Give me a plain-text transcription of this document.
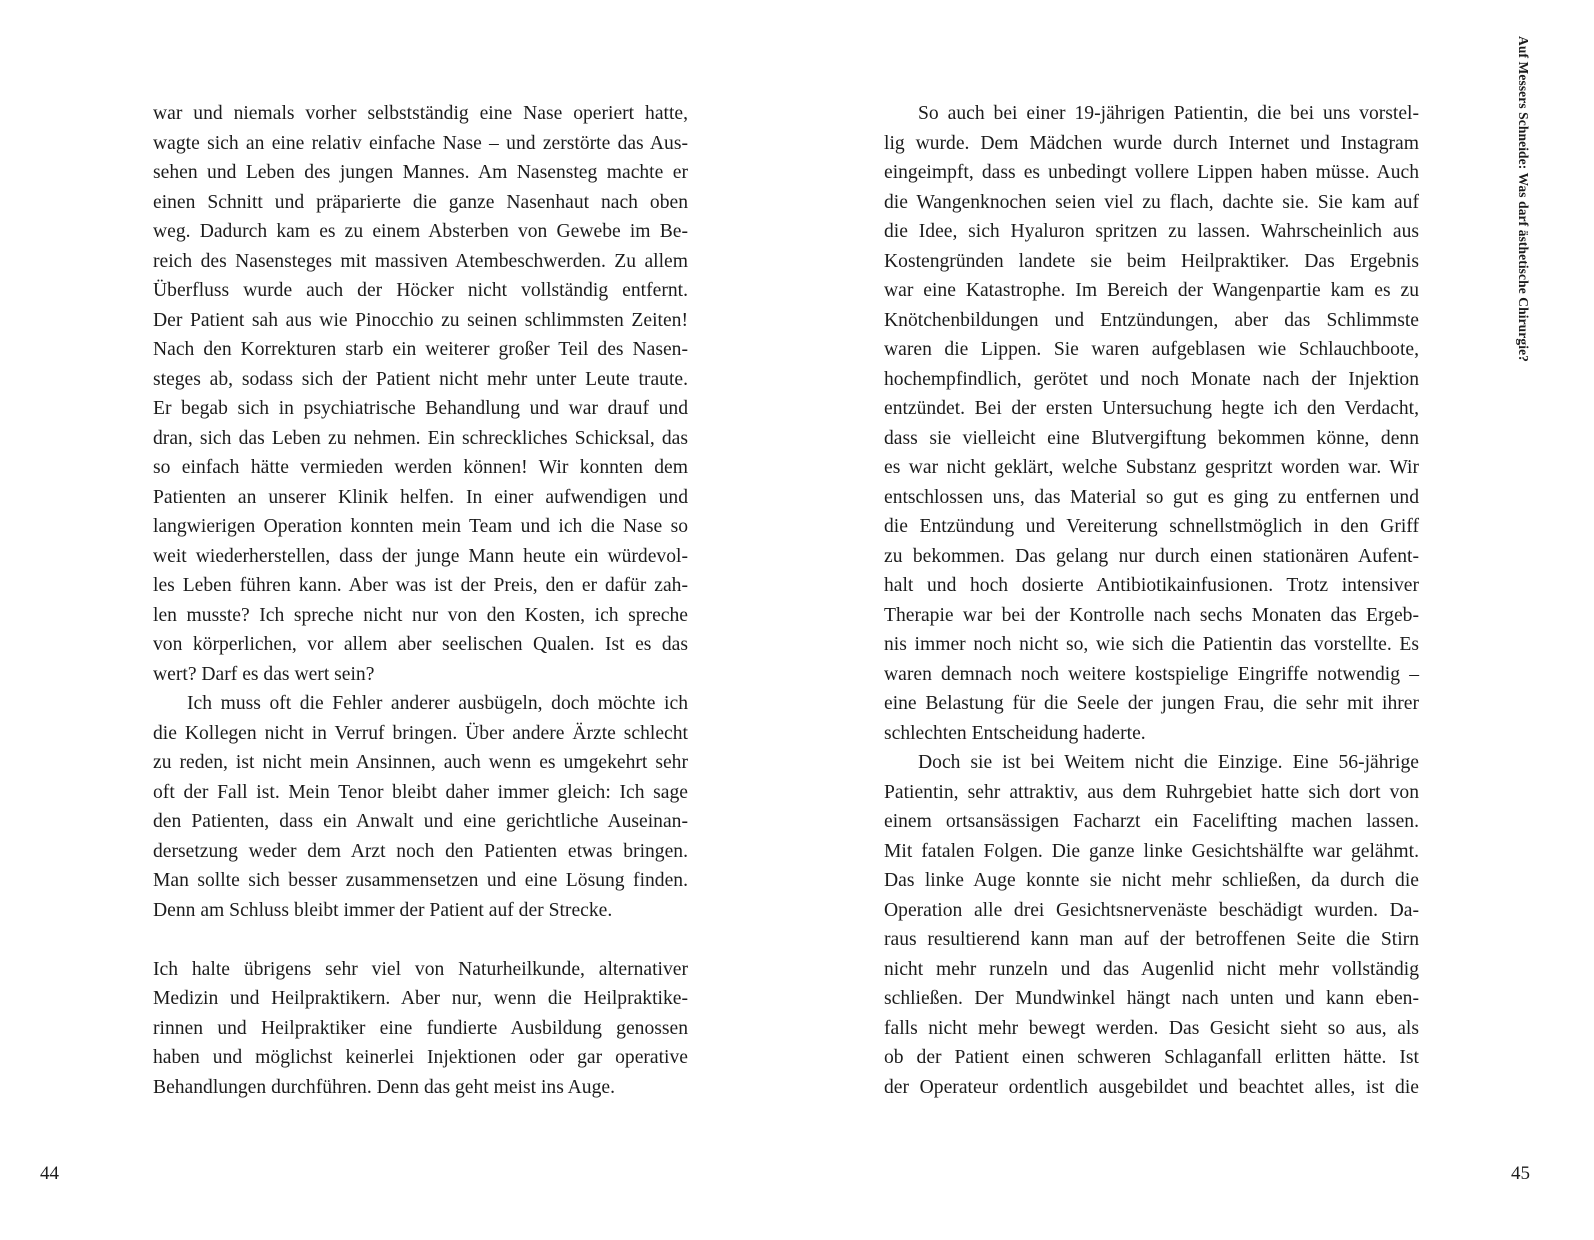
war und niemals vorher selbstständig eine Nase operiert hatte,
wagte sich an eine relativ einfache Nase – und zerstörte das Aus-
sehen und Leben des jungen Mannes. Am Nasensteg machte er
einen Schnitt und präparierte die ganze Nasenhaut nach oben
weg. Dadurch kam es zu einem Absterben von Gewebe im Be-
reich des Nasensteges mit massiven Atembeschwerden. Zu allem
Überfluss wurde auch der Höcker nicht vollständig entfernt.
Der Patient sah aus wie Pinocchio zu seinen schlimmsten Zeiten!
Nach den Korrekturen starb ein weiterer großer Teil des Nasen-
steges ab, sodass sich der Patient nicht mehr unter Leute traute.
Er begab sich in psychiatrische Behandlung und war drauf und
dran, sich das Leben zu nehmen. Ein schreckliches Schicksal, das
so einfach hätte vermieden werden können! Wir konnten dem
Patienten an unserer Klinik helfen. In einer aufwendigen und
langwierigen Operation konnten mein Team und ich die Nase so
weit wiederherstellen, dass der junge Mann heute ein würdevol-
les Leben führen kann. Aber was ist der Preis, den er dafür zah-
len musste? Ich spreche nicht nur von den Kosten, ich spreche
von körperlichen, vor allem aber seelischen Qualen. Ist es das
wert? Darf es das wert sein?
Ich muss oft die Fehler anderer ausbügeln, doch möchte ich
die Kollegen nicht in Verruf bringen. Über andere Ärzte schlecht
zu reden, ist nicht mein Ansinnen, auch wenn es umgekehrt sehr
oft der Fall ist. Mein Tenor bleibt daher immer gleich: Ich sage
den Patienten, dass ein Anwalt und eine gerichtliche Auseinan-
dersetzung weder dem Arzt noch den Patienten etwas bringen.
Man sollte sich besser zusammensetzen und eine Lösung finden.
Denn am Schluss bleibt immer der Patient auf der Strecke.
Ich halte übrigens sehr viel von Naturheilkunde, alternativer
Medizin und Heilpraktikern. Aber nur, wenn die Heilpraktike-
rinnen und Heilpraktiker eine fundierte Ausbildung genossen
haben und möglichst keinerlei Injektionen oder gar operative
Behandlungen durchführen. Denn das geht meist ins Auge.
44
So auch bei einer 19-jährigen Patientin, die bei uns vorstel-
lig wurde. Dem Mädchen wurde durch Internet und Instagram
eingeimpft, dass es unbedingt vollere Lippen haben müsse. Auch
die Wangenknochen seien viel zu flach, dachte sie. Sie kam auf
die Idee, sich Hyaluron spritzen zu lassen. Wahrscheinlich aus
Kostengründen landete sie beim Heilpraktiker. Das Ergebnis
war eine Katastrophe. Im Bereich der Wangenpartie kam es zu
Knötchenbildungen und Entzündungen, aber das Schlimmste
waren die Lippen. Sie waren aufgeblasen wie Schlauchboote,
hochempfindlich, gerötet und noch Monate nach der Injektion
entzündet. Bei der ersten Untersuchung hegte ich den Verdacht,
dass sie vielleicht eine Blutvergiftung bekommen könne, denn
es war nicht geklärt, welche Substanz gespritzt worden war. Wir
entschlossen uns, das Material so gut es ging zu entfernen und
die Entzündung und Vereiterung schnellstmöglich in den Griff
zu bekommen. Das gelang nur durch einen stationären Aufent-
halt und hoch dosierte Antibiotikainfusionen. Trotz intensiver
Therapie war bei der Kontrolle nach sechs Monaten das Ergeb-
nis immer noch nicht so, wie sich die Patientin das vorstellte. Es
waren demnach noch weitere kostspielige Eingriffe notwendig –
eine Belastung für die Seele der jungen Frau, die sehr mit ihrer
schlechten Entscheidung haderte.
Doch sie ist bei Weitem nicht die Einzige. Eine 56-jährige
Patientin, sehr attraktiv, aus dem Ruhrgebiet hatte sich dort von
einem ortsansässigen Facharzt ein Facelifting machen lassen.
Mit fatalen Folgen. Die ganze linke Gesichtshälfte war gelähmt.
Das linke Auge konnte sie nicht mehr schließen, da durch die
Operation alle drei Gesichtsnervenäste beschädigt wurden. Da-
raus resultierend kann man auf der betroffenen Seite die Stirn
nicht mehr runzeln und das Augenlid nicht mehr vollständig
schließen. Der Mundwinkel hängt nach unten und kann eben-
falls nicht mehr bewegt werden. Das Gesicht sieht so aus, als
ob der Patient einen schweren Schlaganfall erlitten hätte. Ist
der Operateur ordentlich ausgebildet und beachtet alles, ist die
Auf Messers Schneide: Was darf ästhetische Chirurgie?
45
